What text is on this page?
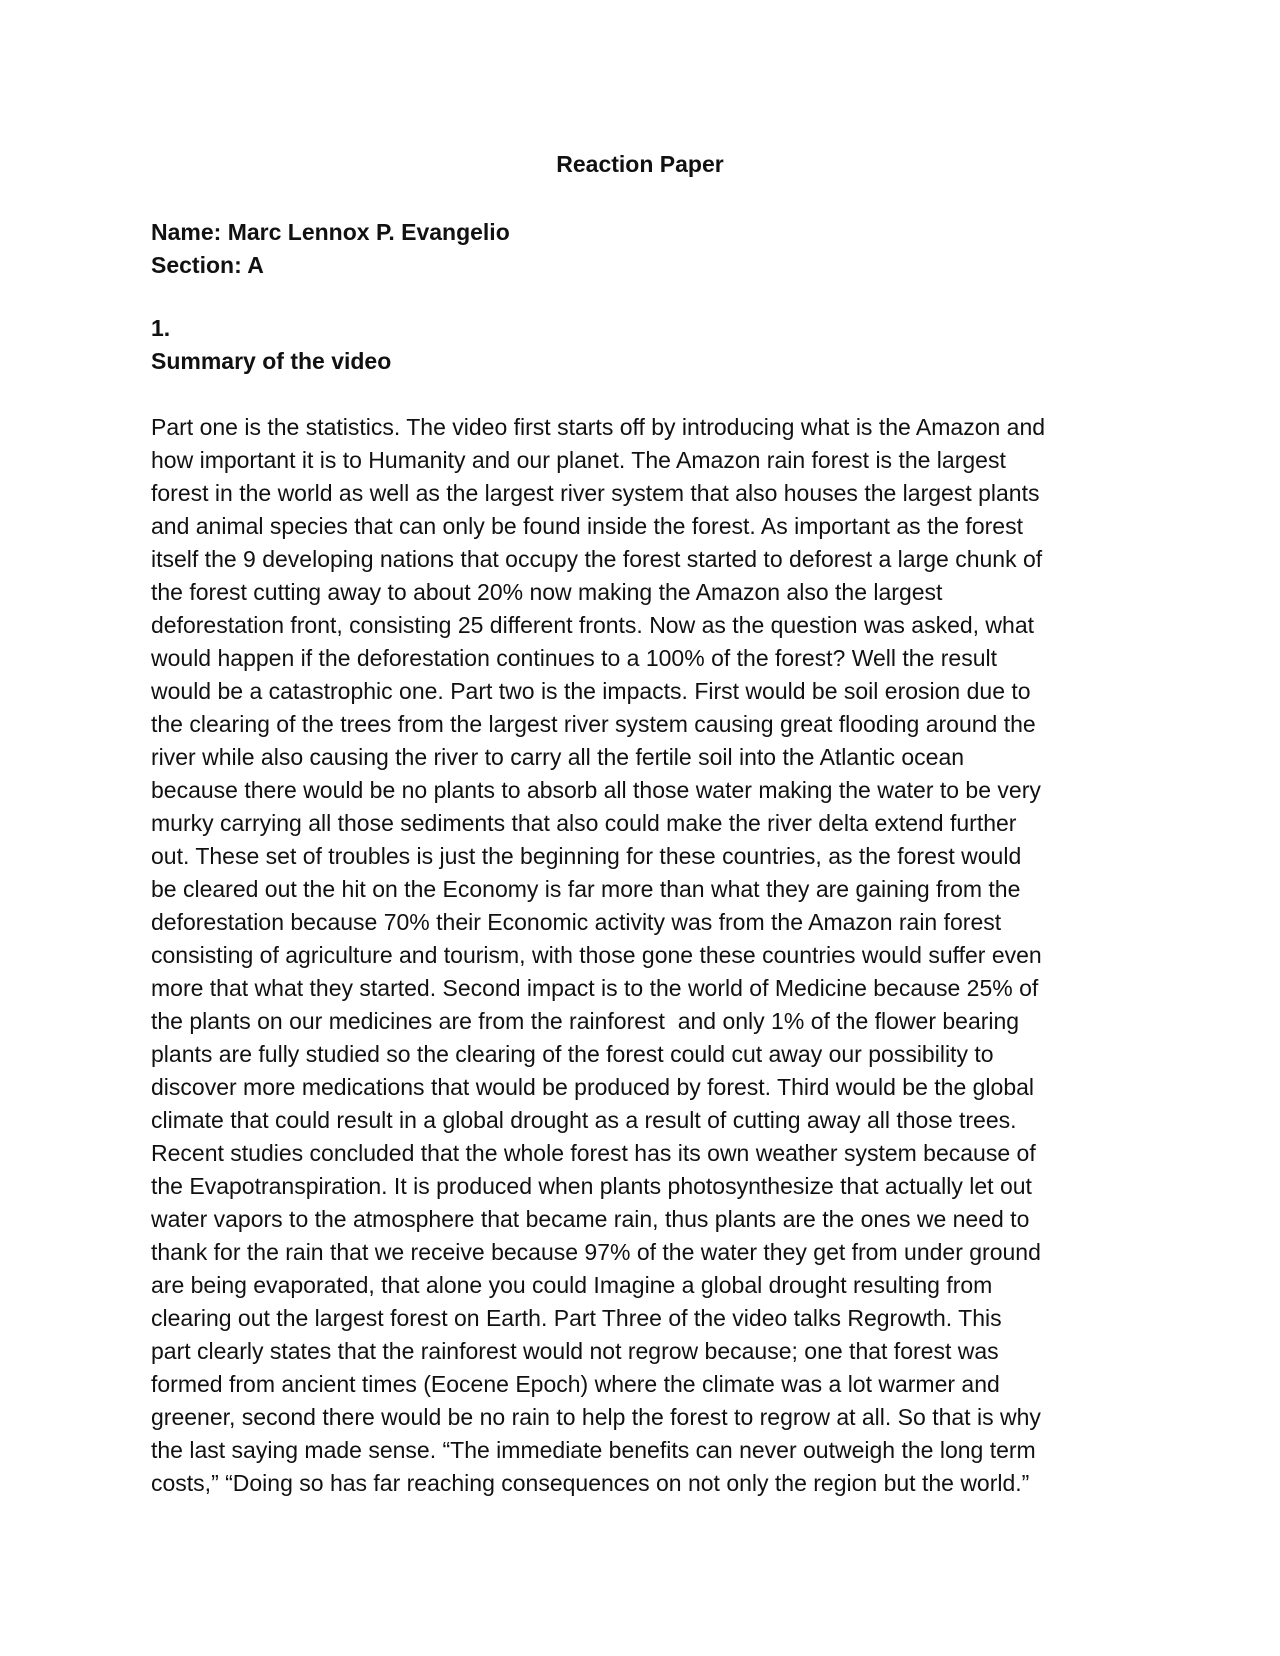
Reaction Paper
Name: Marc Lennox P. Evangelio
Section: A
1.
Summary of the video
Part one is the statistics. The video first starts off by introducing what is the Amazon and
how important it is to Humanity and our planet. The Amazon rain forest is the largest
forest in the world as well as the largest river system that also houses the largest plants
and animal species that can only be found inside the forest. As important as the forest
itself the 9 developing nations that occupy the forest started to deforest a large chunk of
the forest cutting away to about 20% now making the Amazon also the largest
deforestation front, consisting 25 different fronts. Now as the question was asked, what
would happen if the deforestation continues to a 100% of the forest? Well the result
would be a catastrophic one. Part two is the impacts. First would be soil erosion due to
the clearing of the trees from the largest river system causing great flooding around the
river while also causing the river to carry all the fertile soil into the Atlantic ocean
because there would be no plants to absorb all those water making the water to be very
murky carrying all those sediments that also could make the river delta extend further
out. These set of troubles is just the beginning for these countries, as the forest would
be cleared out the hit on the Economy is far more than what they are gaining from the
deforestation because 70% their Economic activity was from the Amazon rain forest
consisting of agriculture and tourism, with those gone these countries would suffer even
more that what they started. Second impact is to the world of Medicine because 25% of
the plants on our medicines are from the rainforest  and only 1% of the flower bearing
plants are fully studied so the clearing of the forest could cut away our possibility to
discover more medications that would be produced by forest. Third would be the global
climate that could result in a global drought as a result of cutting away all those trees.
Recent studies concluded that the whole forest has its own weather system because of
the Evapotranspiration. It is produced when plants photosynthesize that actually let out
water vapors to the atmosphere that became rain, thus plants are the ones we need to
thank for the rain that we receive because 97% of the water they get from under ground
are being evaporated, that alone you could Imagine a global drought resulting from
clearing out the largest forest on Earth. Part Three of the video talks Regrowth. This
part clearly states that the rainforest would not regrow because; one that forest was
formed from ancient times (Eocene Epoch) where the climate was a lot warmer and
greener, second there would be no rain to help the forest to regrow at all. So that is why
the last saying made sense. “The immediate benefits can never outweigh the long term
costs,” “Doing so has far reaching consequences on not only the region but the world.”
